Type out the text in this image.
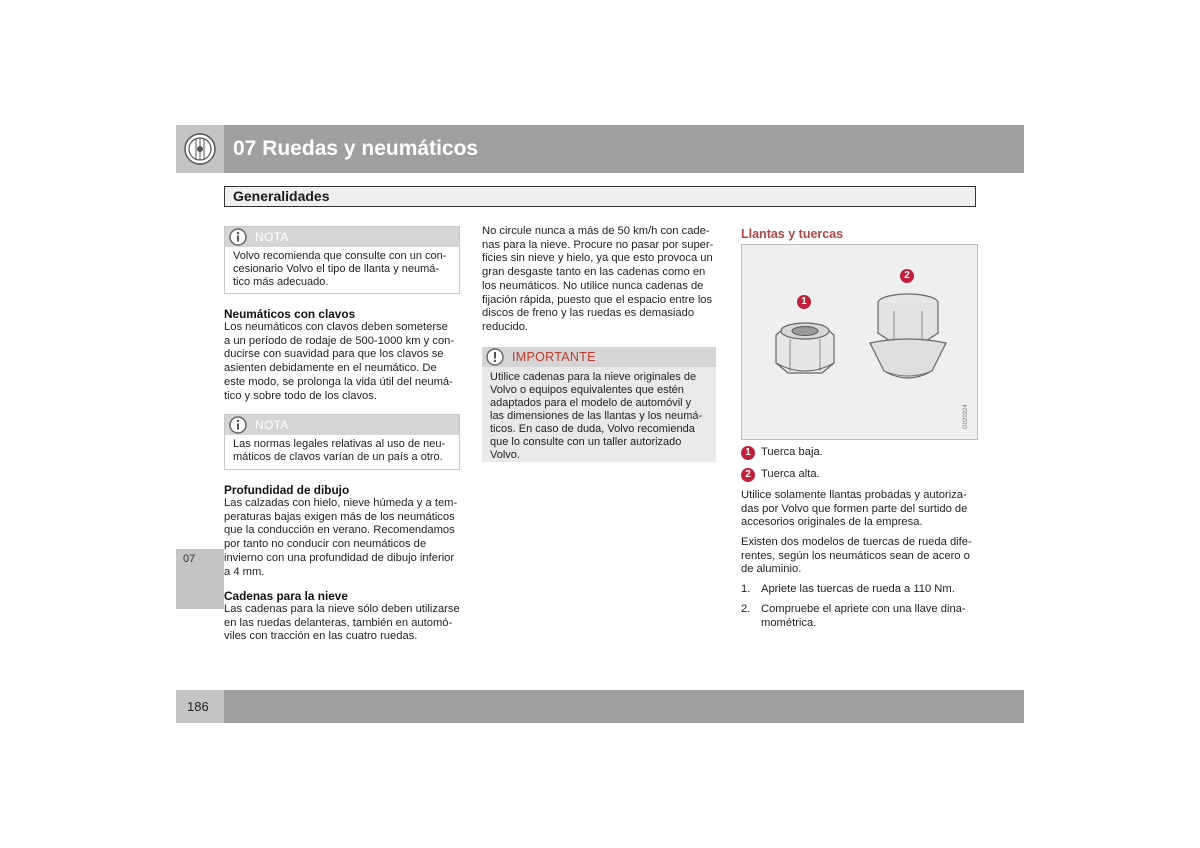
07 Ruedas y neumáticos
Generalidades
NOTA
Volvo recomienda que consulte con un con-
cesionario Volvo el tipo de llanta y neumá-
tico más adecuado.
Neumáticos con clavos
Los neumáticos con clavos deben someterse
a un período de rodaje de 500-1000 km y con-
ducirse con suavidad para que los clavos se
asienten debidamente en el neumático. De
este modo, se prolonga la vida útil del neumá-
tico y sobre todo de los clavos.
NOTA
Las normas legales relativas al uso de neu-
máticos de clavos varían de un país a otro.
Profundidad de dibujo
Las calzadas con hielo, nieve húmeda y a tem-
peraturas bajas exigen más de los neumáticos
que la conducción en verano. Recomendamos
por tanto no conducir con neumáticos de
invierno con una profundidad de dibujo inferior
a 4 mm.
Cadenas para la nieve
Las cadenas para la nieve sólo deben utilizarse
en las ruedas delanteras, también en automó-
viles con tracción en las cuatro ruedas.
No circule nunca a más de 50 km/h con cade-
nas para la nieve. Procure no pasar por super-
ficies sin nieve y hielo, ya que esto provoca un
gran desgaste tanto en las cadenas como en
los neumáticos. No utilice nunca cadenas de
fijación rápida, puesto que el espacio entre los
discos de freno y las ruedas es demasiado
reducido.
IMPORTANTE
Utilice cadenas para la nieve originales de
Volvo o equipos equivalentes que estén
adaptados para el modelo de automóvil y
las dimensiones de las llantas y los neumá-
ticos. En caso de duda, Volvo recomienda
que lo consulte con un taller autorizado
Volvo.
Llantas y tuercas
G020324
1
2
1 Tuerca baja.
2 Tuerca alta.
Utilice solamente llantas probadas y autoriza-
das por Volvo que formen parte del surtido de
accesorios originales de la empresa.
Existen dos modelos de tuercas de rueda dife-
rentes, según los neumáticos sean de acero o
de aluminio.
1. Apriete las tuercas de rueda a 110 Nm.
2. Compruebe el apriete con una llave dina-
mométrica.
07
186
